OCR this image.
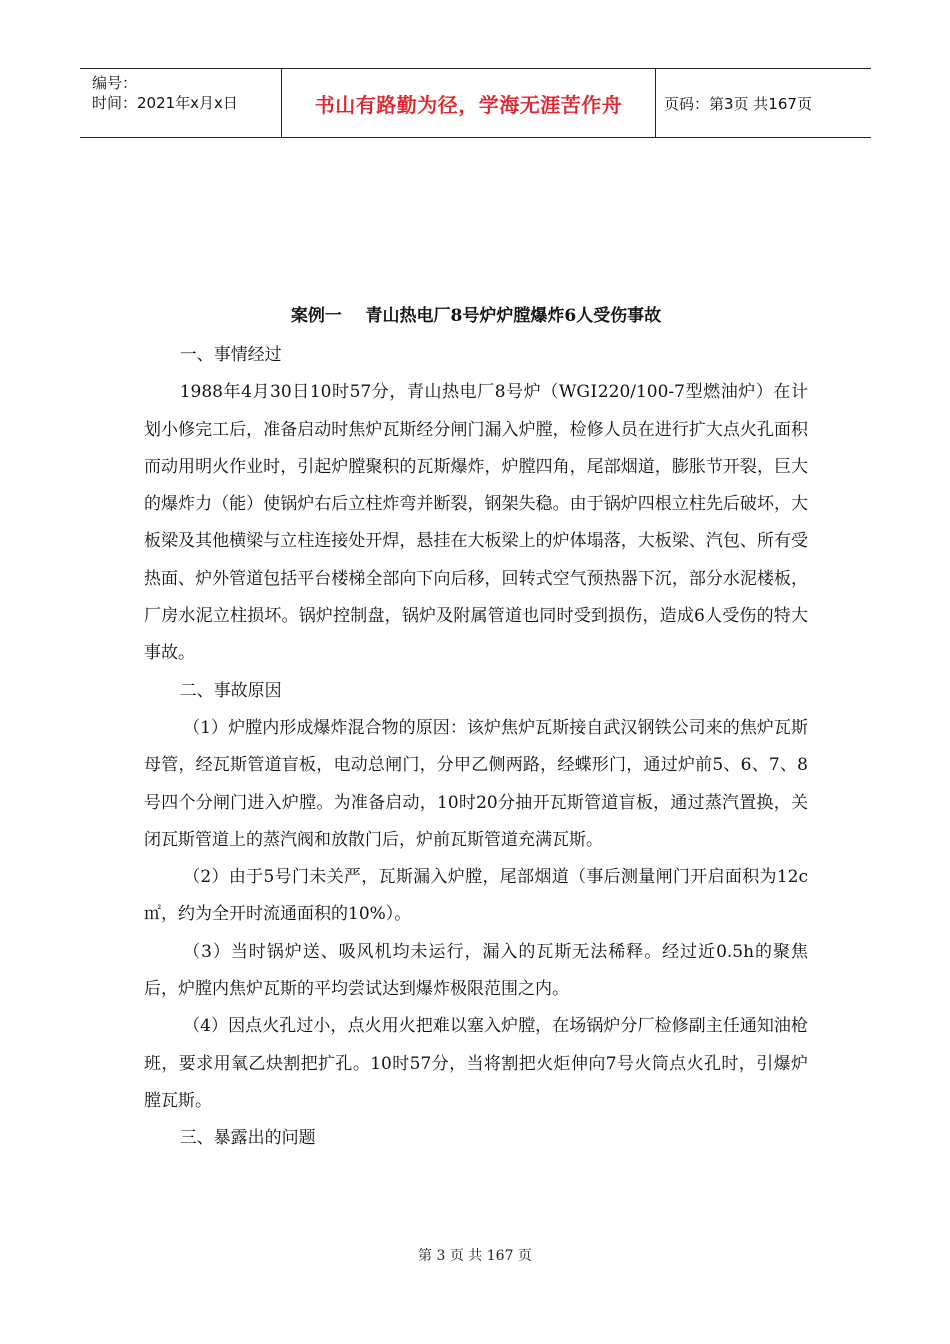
编号：
时间：2021年x月x日	书山有路勤为径，学海无涯苦作舟	页码：第3页 共167页
案例一    青山热电厂8号炉炉膛爆炸6人受伤事故

一、事情经过

1988年4月30日10时57分，青山热电厂8号炉（WGⅠ220/100-7型燃油炉）在计划小修完工后，准备启动时焦炉瓦斯经分闸门漏入炉膛，检修人员在进行扩大点火孔面积而动用明火作业时，引起炉膛聚积的瓦斯爆炸，炉膛四角，尾部烟道，膨胀节开裂，巨大的爆炸力（能）使锅炉右后立柱炸弯并断裂，钢架失稳。由于锅炉四根立柱先后破坏，大板梁及其他横梁与立柱连接处开焊，悬挂在大板梁上的炉体塌落，大板梁、汽包、所有受热面、炉外管道包括平台楼梯全部向下向后移，回转式空气预热器下沉，部分水泥楼板，厂房水泥立柱损坏。锅炉控制盘，锅炉及附属管道也同时受到损伤，造成6人受伤的特大事故。

二、事故原因

（1）炉膛内形成爆炸混合物的原因：该炉焦炉瓦斯接自武汉钢铁公司来的焦炉瓦斯母管，经瓦斯管道盲板，电动总闸门，分甲乙侧两路，经蝶形门，通过炉前5、6、7、8号四个分闸门进入炉膛。为准备启动，10时20分抽开瓦斯管道盲板，通过蒸汽置换，关闭瓦斯管道上的蒸汽阀和放散门后，炉前瓦斯管道充满瓦斯。

（2）由于5号门未关严，瓦斯漏入炉膛，尾部烟道（事后测量闸门开启面积为12c㎡，约为全开时流通面积的10%）。

（3）当时锅炉送、吸风机均未运行，漏入的瓦斯无法稀释。经过近0.5h的聚焦后，炉膛内焦炉瓦斯的平均尝试达到爆炸极限范围之内。

（4）因点火孔过小，点火用火把难以塞入炉膛，在场锅炉分厂检修副主任通知油枪班，要求用氧乙炔割把扩孔。10时57分，当将割把火炬伸向7号火筒点火孔时，引爆炉膛瓦斯。

三、暴露出的问题

第 3 页 共 167 页
